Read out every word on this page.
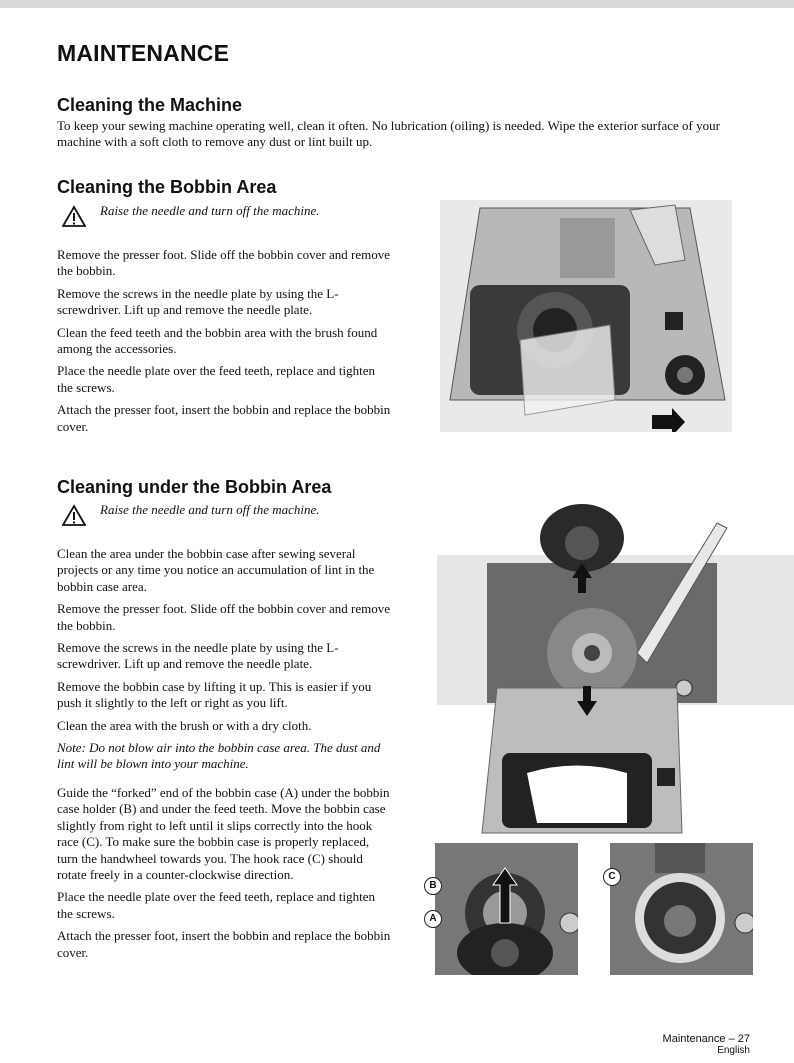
MAINTENANCE
Cleaning the Machine

To keep your sewing machine operating well, clean it often. No lubrication (oiling) is needed. Wipe the exterior surface of your machine with a soft cloth to remove any dust or lint built up.

Cleaning the Bobbin Area
Raise the needle and turn off the machine.

Remove the presser foot. Slide off the bobbin cover and remove the bobbin.

Remove the screws in the needle plate by using the L-screwdriver. Lift up and remove the needle plate.

Clean the feed teeth and the bobbin area with the brush found among the accessories.

Place the needle plate over the feed teeth, replace and tighten the screws.

Attach the presser foot, insert the bobbin and replace the bobbin cover.

Cleaning under the Bobbin Area
Raise the needle and turn off the machine.

Clean the area under the bobbin case after sewing several projects or any time you notice an accumulation of lint in the bobbin case area.

Remove the presser foot. Slide off the bobbin cover and remove the bobbin.

Remove the screws in the needle plate by using the L-screwdriver. Lift up and remove the needle plate.

Remove the bobbin case by lifting it up. This is easier if you push it slightly to the left or right as you lift.

Clean the area with the brush or with a dry cloth.

Note: Do not blow air into the bobbin case area. The dust and lint will be blown into your machine.

Guide the “forked” end of the bobbin case (A) under the bobbin case holder (B) and under the feed teeth. Move the bobbin case slightly from right to left until it slips correctly into the hook race (C). To make sure the bobbin case is properly replaced, turn the handwheel towards you. The hook race (C) should rotate freely in a counter-clockwise direction.

Place the needle plate over the feed teeth, replace and tighten the screws.

Attach the presser foot, insert the bobbin and replace the bobbin cover.

B
A
C
Maintenance – 27
English
